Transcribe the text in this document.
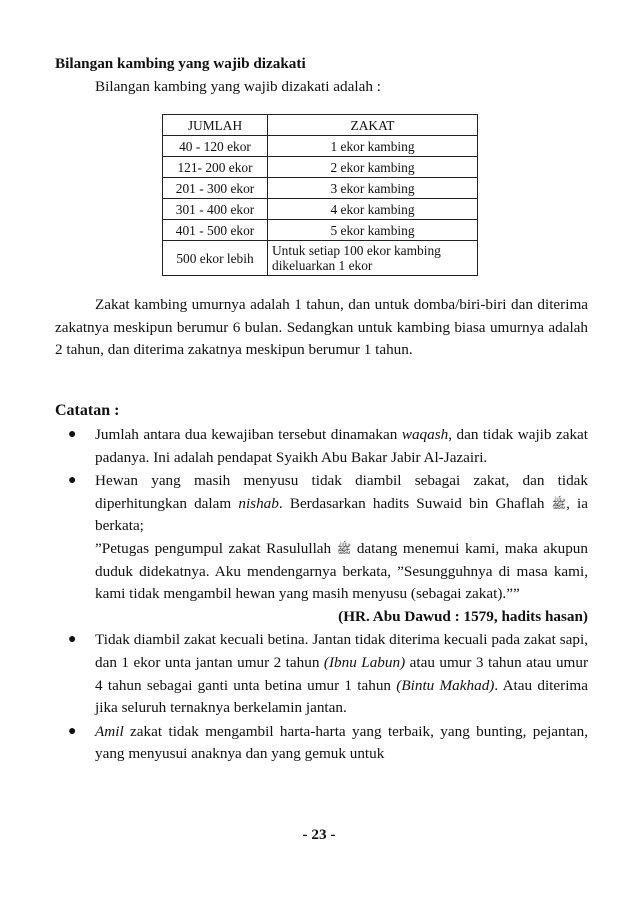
Bilangan kambing yang wajib dizakati
Bilangan kambing yang wajib dizakati adalah :
JUMLAH	ZAKAT
40 - 120 ekor	1 ekor kambing
121- 200 ekor	2 ekor kambing
201 - 300 ekor	3 ekor kambing
301 - 400 ekor	4 ekor kambing
401 - 500 ekor	5 ekor kambing
500 ekor lebih	Untuk setiap 100 ekor kambing
dikeluarkan 1 ekor
Zakat kambing umurnya adalah 1 tahun, dan untuk domba/biri-biri dan diterima zakatnya meskipun berumur 6 bulan. Sedangkan untuk kambing biasa umurnya adalah 2 tahun, dan diterima zakatnya meskipun berumur 1 tahun.
Catatan :
● Jumlah antara dua kewajiban tersebut dinamakan waqash, dan tidak wajib zakat padanya. Ini adalah pendapat Syaikh Abu Bakar Jabir Al-Jazairi.
● Hewan yang masih menyusu tidak diambil sebagai zakat, dan tidak diperhitungkan dalam nishab. Berdasarkan hadits Suwaid bin Ghaflah ﷺ, ia berkata;
”Petugas pengumpul zakat Rasulullah ﷺ datang menemui kami, maka akupun duduk didekatnya. Aku mendengarnya berkata, ”Sesungguhnya di masa kami, kami tidak mengambil hewan yang masih menyusu (sebagai zakat).””
(HR. Abu Dawud : 1579, hadits hasan)
● Tidak diambil zakat kecuali betina. Jantan tidak diterima kecuali pada zakat sapi, dan 1 ekor unta jantan umur 2 tahun (Ibnu Labun) atau umur 3 tahun atau umur 4 tahun sebagai ganti unta betina umur 1 tahun (Bintu Makhad). Atau diterima jika seluruh ternaknya berkelamin jantan.
● Amil zakat tidak mengambil harta-harta yang terbaik, yang bunting, pejantan, yang menyusui anaknya dan yang gemuk untuk
- 23 -
